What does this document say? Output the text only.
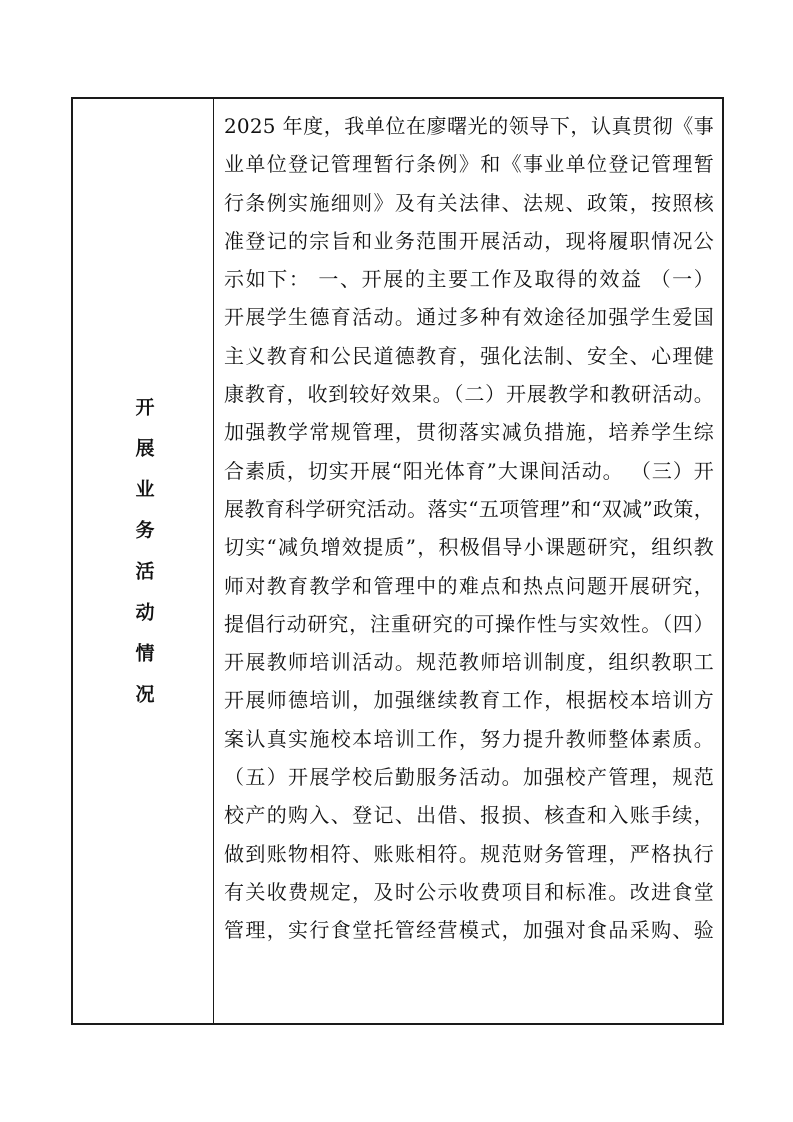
开展业务活动情况
2025 年度，我单位在廖曙光的领导下，认真贯彻《事
业单位登记管理暂行条例》和《事业单位登记管理暂
行条例实施细则》及有关法律、法规、政策，按照核
准登记的宗旨和业务范围开展活动，现将履职情况公
示如下： 一、开展的主要工作及取得的效益 （一）
开展学生德育活动。通过多种有效途径加强学生爱国
主义教育和公民道德教育，强化法制、安全、心理健
康教育，收到较好效果。（二）开展教学和教研活动。
加强教学常规管理，贯彻落实减负措施，培养学生综
合素质，切实开展“阳光体育”大课间活动。 （三）开
展教育科学研究活动。落实“五项管理”和“双减”政策，
切实“减负增效提质”，积极倡导小课题研究，组织教
师对教育教学和管理中的难点和热点问题开展研究，
提倡行动研究，注重研究的可操作性与实效性。（四）
开展教师培训活动。规范教师培训制度，组织教职工
开展师德培训，加强继续教育工作，根据校本培训方
案认真实施校本培训工作，努力提升教师整体素质。
（五）开展学校后勤服务活动。加强校产管理，规范
校产的购入、登记、出借、报损、核查和入账手续，
做到账物相符、账账相符。规范财务管理，严格执行
有关收费规定，及时公示收费项目和标准。改进食堂
管理，实行食堂托管经营模式，加强对食品采购、验
